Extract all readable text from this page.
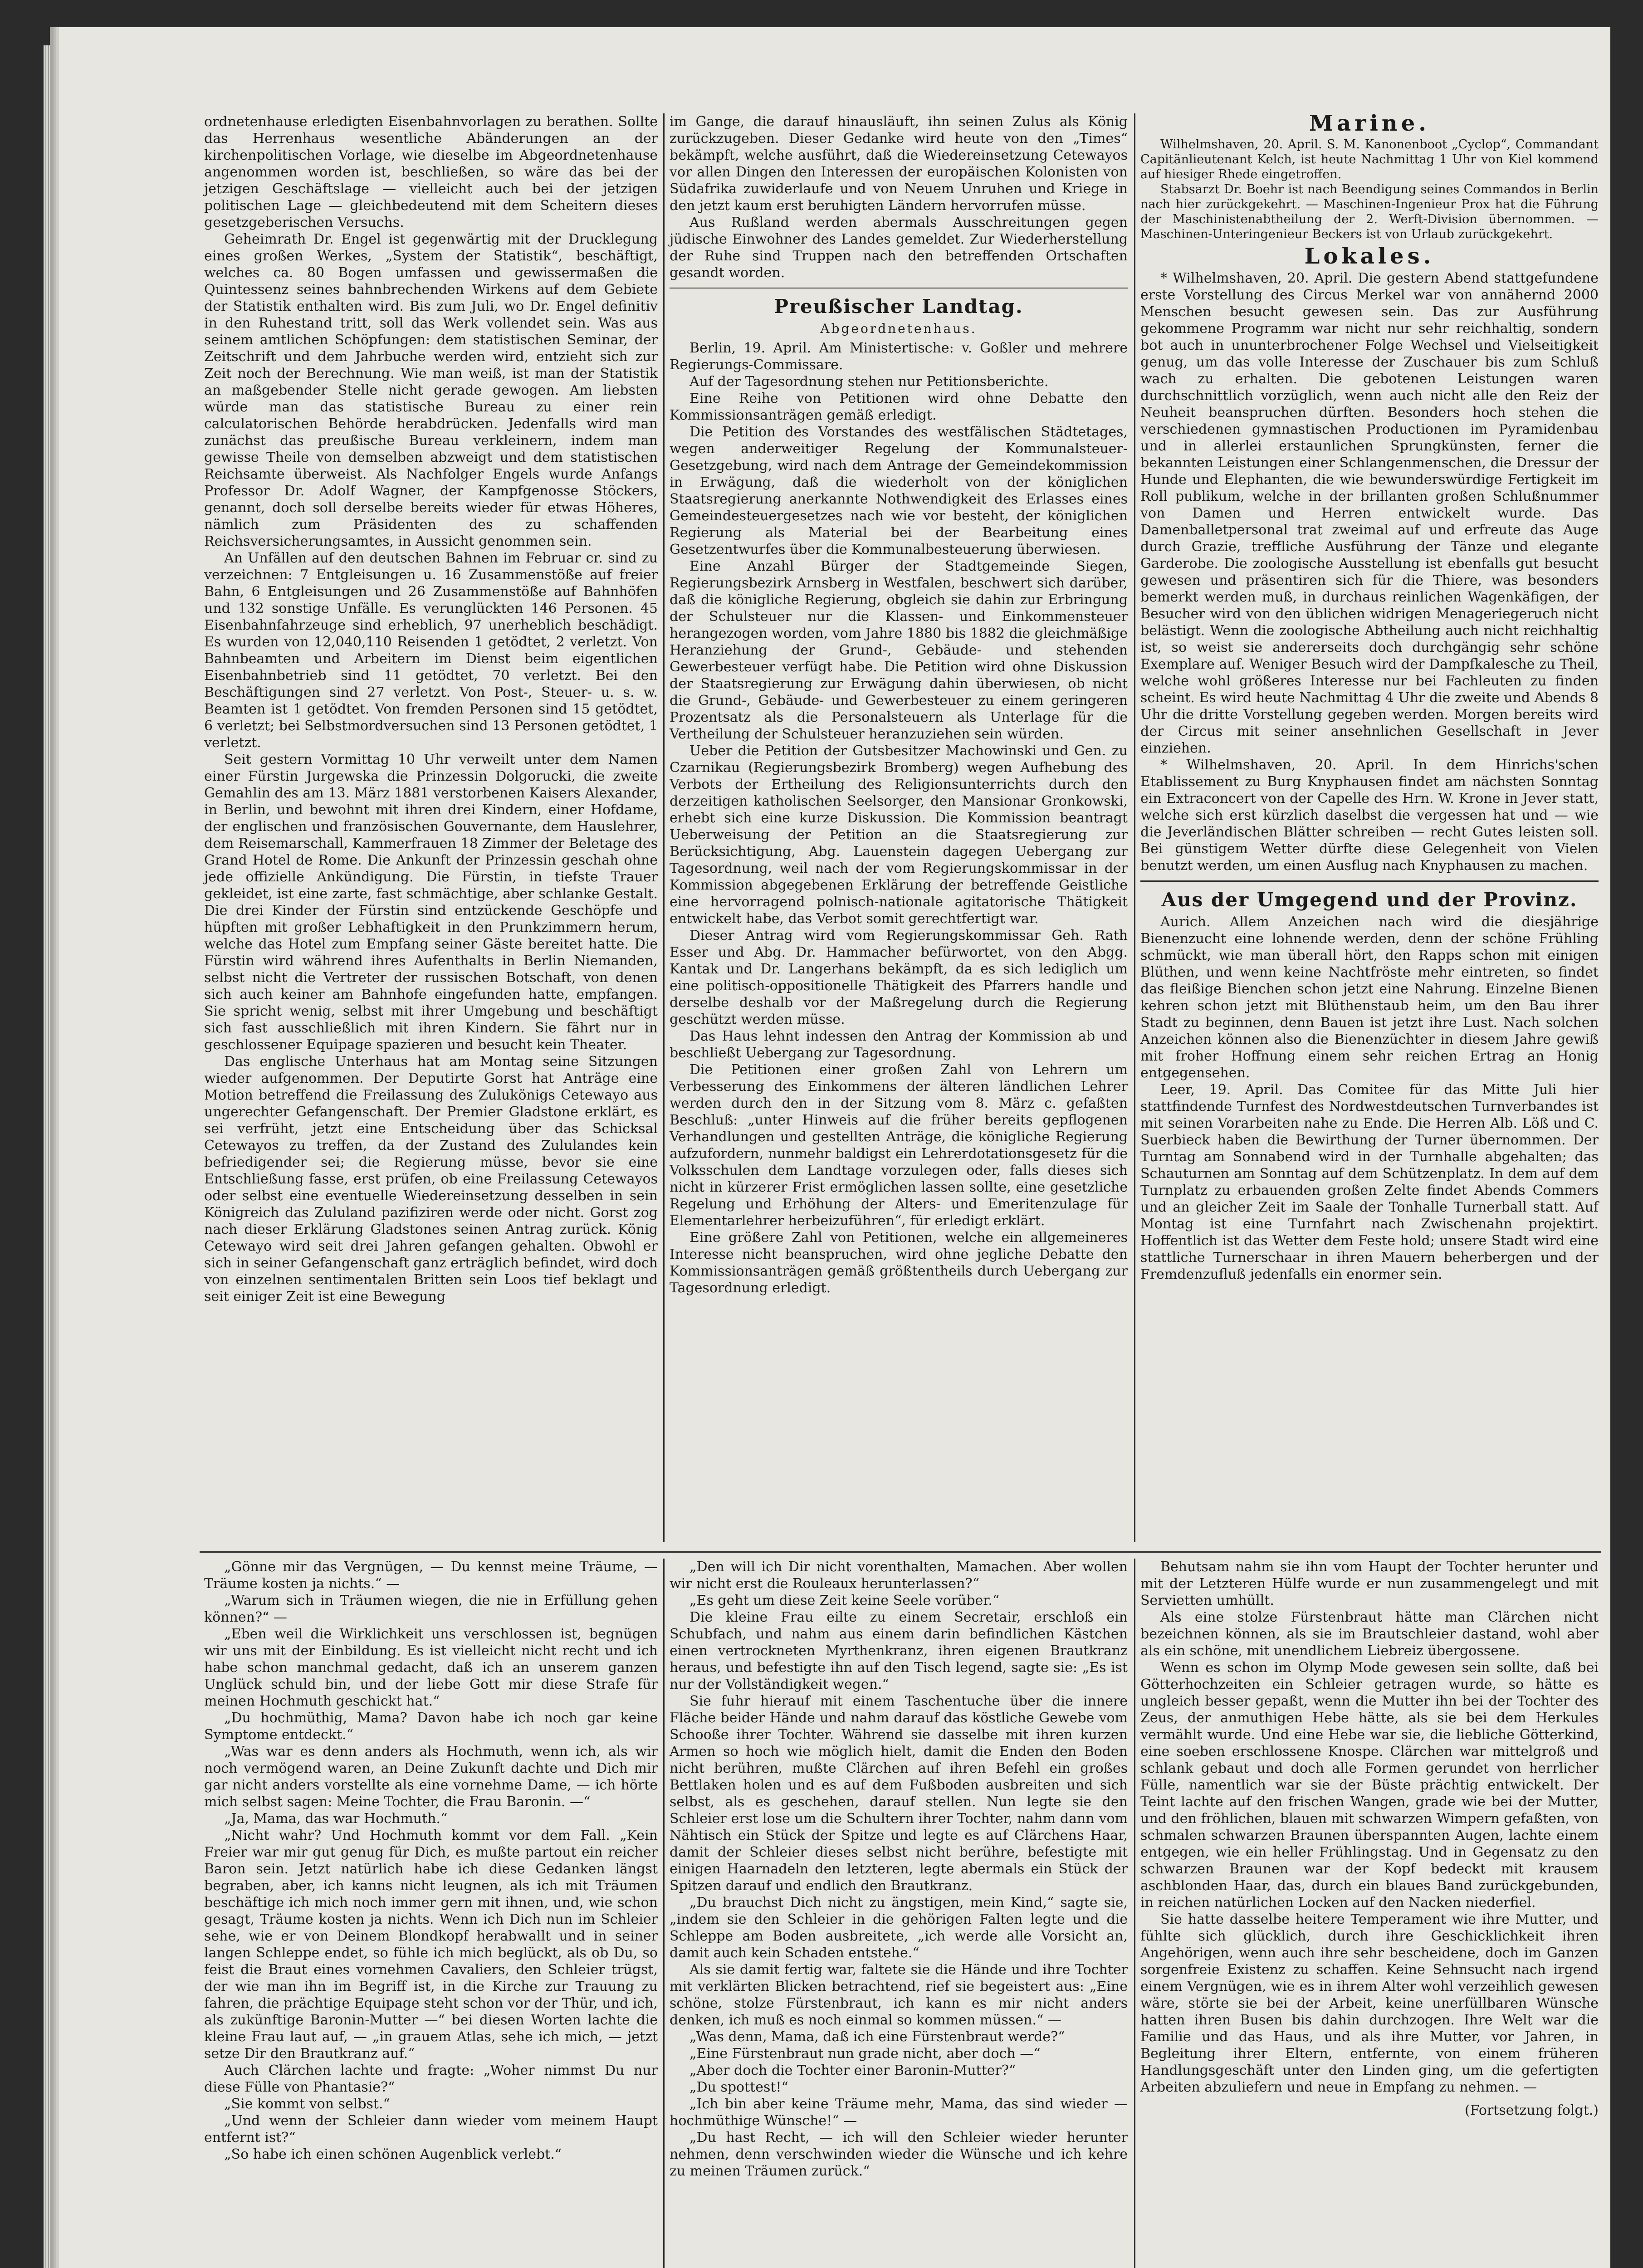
ordnetenhause erledigten Eisenbahnvorlagen zu berathen. Sollte das Herrenhaus wesentliche Abänderungen an der kirchenpolitischen Vorlage, wie dieselbe im Abgeordnetenhause angenommen worden ist, beschließen, so wäre das bei der jetzigen Geschäftslage — vielleicht auch bei der jetzigen politischen Lage — gleichbedeutend mit dem Scheitern dieses gesetzgeberischen Versuchs.

Geheimrath Dr. Engel ist gegenwärtig mit der Drucklegung eines großen Werkes, „System der Statistik“, beschäftigt, welches ca. 80 Bogen umfassen und gewissermaßen die Quintessenz seines bahnbrechenden Wirkens auf dem Gebiete der Statistik enthalten wird. Bis zum Juli, wo Dr. Engel definitiv in den Ruhestand tritt, soll das Werk vollendet sein. Was aus seinem amtlichen Schöpfungen: dem statistischen Seminar, der Zeitschrift und dem Jahrbuche werden wird, entzieht sich zur Zeit noch der Berechnung. Wie man weiß, ist man der Statistik an maßgebender Stelle nicht gerade gewogen. Am liebsten würde man das statistische Bureau zu einer rein calculatorischen Behörde herabdrücken. Jedenfalls wird man zunächst das preußische Bureau verkleinern, indem man gewisse Theile von demselben abzweigt und dem statistischen Reichsamte überweist. Als Nachfolger Engels wurde Anfangs Professor Dr. Adolf Wagner, der Kampfgenosse Stöckers, genannt, doch soll derselbe bereits wieder für etwas Höheres, nämlich zum Präsidenten des zu schaffenden Reichsversicherungsamtes, in Aussicht genommen sein.

An Unfällen auf den deutschen Bahnen im Februar cr. sind zu verzeichnen: 7 Entgleisungen u. 16 Zusammenstöße auf freier Bahn, 6 Entgleisungen und 26 Zusammenstöße auf Bahnhöfen und 132 sonstige Unfälle. Es verunglückten 146 Personen. 45 Eisenbahnfahrzeuge sind erheblich, 97 unerheblich beschädigt. Es wurden von 12,040,110 Reisenden 1 getödtet, 2 verletzt. Von Bahnbeamten und Arbeitern im Dienst beim eigentlichen Eisenbahnbetrieb sind 11 getödtet, 70 verletzt. Bei den Beschäftigungen sind 27 verletzt. Von Post-, Steuer- u. s. w. Beamten ist 1 getödtet. Von fremden Personen sind 15 getödtet, 6 verletzt; bei Selbstmordversuchen sind 13 Personen getödtet, 1 verletzt.

Seit gestern Vormittag 10 Uhr verweilt unter dem Namen einer Fürstin Jurgewska die Prinzessin Dolgorucki, die zweite Gemahlin des am 13. März 1881 verstorbenen Kaisers Alexander, in Berlin, und bewohnt mit ihren drei Kindern, einer Hofdame, der englischen und französischen Gouvernante, dem Hauslehrer, dem Reisemarschall, Kammerfrauen 18 Zimmer der Beletage des Grand Hotel de Rome. Die Ankunft der Prinzessin geschah ohne jede offizielle Ankündigung. Die Fürstin, in tiefste Trauer gekleidet, ist eine zarte, fast schmächtige, aber schlanke Gestalt. Die drei Kinder der Fürstin sind entzückende Geschöpfe und hüpften mit großer Lebhaftigkeit in den Prunkzimmern herum, welche das Hotel zum Empfang seiner Gäste bereitet hatte. Die Fürstin wird während ihres Aufenthalts in Berlin Niemanden, selbst nicht die Vertreter der russischen Botschaft, von denen sich auch keiner am Bahnhofe eingefunden hatte, empfangen. Sie spricht wenig, selbst mit ihrer Umgebung und beschäftigt sich fast ausschließlich mit ihren Kindern. Sie fährt nur in geschlossener Equipage spazieren und besucht kein Theater.

Das englische Unterhaus hat am Montag seine Sitzungen wieder aufgenommen. Der Deputirte Gorst hat Anträge eine Motion betreffend die Freilassung des Zulukönigs Cetewayo aus ungerechter Gefangenschaft. Der Premier Gladstone erklärt, es sei verfrüht, jetzt eine Entscheidung über das Schicksal Cetewayos zu treffen, da der Zustand des Zululandes kein befriedigender sei; die Regierung müsse, bevor sie eine Entschließung fasse, erst prüfen, ob eine Freilassung Cetewayos oder selbst eine eventuelle Wiedereinsetzung desselben in sein Königreich das Zululand pazifiziren werde oder nicht. Gorst zog nach dieser Erklärung Gladstones seinen Antrag zurück. König Cetewayo wird seit drei Jahren gefangen gehalten. Obwohl er sich in seiner Gefangenschaft ganz erträglich befindet, wird doch von einzelnen sentimentalen Britten sein Loos tief beklagt und seit einiger Zeit ist eine Bewegung

im Gange, die darauf hinausläuft, ihn seinen Zulus als König zurückzugeben. Dieser Gedanke wird heute von den „Times“ bekämpft, welche ausführt, daß die Wiedereinsetzung Cetewayos vor allen Dingen den Interessen der europäischen Kolonisten von Südafrika zuwiderlaufe und von Neuem Unruhen und Kriege in den jetzt kaum erst beruhigten Ländern hervorrufen müsse.

Aus Rußland werden abermals Ausschreitungen gegen jüdische Einwohner des Landes gemeldet. Zur Wiederherstellung der Ruhe sind Truppen nach den betreffenden Ortschaften gesandt worden.

Preußischer Landtag.
Abgeordnetenhaus.

Berlin, 19. April. Am Ministertische: v. Goßler und mehrere Regierungs-Commissare.

Auf der Tagesordnung stehen nur Petitionsberichte.

Eine Reihe von Petitionen wird ohne Debatte den Kommissionsanträgen gemäß erledigt.

Die Petition des Vorstandes des westfälischen Städtetages, wegen anderweitiger Regelung der Kommunalsteuer-Gesetzgebung, wird nach dem Antrage der Gemeindekommission in Erwägung, daß die wiederholt von der königlichen Staatsregierung anerkannte Nothwendigkeit des Erlasses eines Gemeindesteuergesetzes nach wie vor besteht, der königlichen Regierung als Material bei der Bearbeitung eines Gesetzentwurfes über die Kommunalbesteuerung überwiesen.

Eine Anzahl Bürger der Stadtgemeinde Siegen, Regierungsbezirk Arnsberg in Westfalen, beschwert sich darüber, daß die königliche Regierung, obgleich sie dahin zur Erbringung der Schulsteuer nur die Klassen- und Einkommensteuer herangezogen worden, vom Jahre 1880 bis 1882 die gleichmäßige Heranziehung der Grund-, Gebäude- und stehenden Gewerbesteuer verfügt habe. Die Petition wird ohne Diskussion der Staatsregierung zur Erwägung dahin überwiesen, ob nicht die Grund-, Gebäude- und Gewerbesteuer zu einem geringeren Prozentsatz als die Personalsteuern als Unterlage für die Vertheilung der Schulsteuer heranzuziehen sein würden.

Ueber die Petition der Gutsbesitzer Machowinski und Gen. zu Czarnikau (Regierungsbezirk Bromberg) wegen Aufhebung des Verbots der Ertheilung des Religionsunterrichts durch den derzeitigen katholischen Seelsorger, den Mansionar Gronkowski, erhebt sich eine kurze Diskussion. Die Kommission beantragt Ueberweisung der Petition an die Staatsregierung zur Berücksichtigung, Abg. Lauenstein dagegen Uebergang zur Tagesordnung, weil nach der vom Regierungskommissar in der Kommission abgegebenen Erklärung der betreffende Geistliche eine hervorragend polnisch-nationale agitatorische Thätigkeit entwickelt habe, das Verbot somit gerechtfertigt war.

Dieser Antrag wird vom Regierungskommissar Geh. Rath Esser und Abg. Dr. Hammacher befürwortet, von den Abgg. Kantak und Dr. Langerhans bekämpft, da es sich lediglich um eine politisch-oppositionelle Thätigkeit des Pfarrers handle und derselbe deshalb vor der Maßregelung durch die Regierung geschützt werden müsse.

Das Haus lehnt indessen den Antrag der Kommission ab und beschließt Uebergang zur Tagesordnung.

Die Petitionen einer großen Zahl von Lehrern um Verbesserung des Einkommens der älteren ländlichen Lehrer werden durch den in der Sitzung vom 8. März c. gefaßten Beschluß: „unter Hinweis auf die früher bereits gepflogenen Verhandlungen und gestellten Anträge, die königliche Regierung aufzufordern, nunmehr baldigst ein Lehrerdotationsgesetz für die Volksschulen dem Landtage vorzulegen oder, falls dieses sich nicht in kürzerer Frist ermöglichen lassen sollte, eine gesetzliche Regelung und Erhöhung der Alters- und Emeritenzulage für Elementarlehrer herbeizuführen“, für erledigt erklärt.

Eine größere Zahl von Petitionen, welche ein allgemeineres Interesse nicht beanspruchen, wird ohne jegliche Debatte den Kommissionsanträgen gemäß größtentheils durch Uebergang zur Tagesordnung erledigt.

Marine.

Wilhelmshaven, 20. April. S. M. Kanonenboot „Cyclop“, Commandant Capitänlieutenant Kelch, ist heute Nachmittag 1 Uhr von Kiel kommend auf hiesiger Rhede eingetroffen.

Stabsarzt Dr. Boehr ist nach Beendigung seines Commandos in Berlin nach hier zurückgekehrt. — Maschinen-Ingenieur Prox hat die Führung der Maschinistenabtheilung der 2. Werft-Division übernommen. — Maschinen-Unteringenieur Beckers ist von Urlaub zurückgekehrt.

Lokales.

* Wilhelmshaven, 20. April. Die gestern Abend stattgefundene erste Vorstellung des Circus Merkel war von annähernd 2000 Menschen besucht gewesen sein. Das zur Ausführung gekommene Programm war nicht nur sehr reichhaltig, sondern bot auch in ununterbrochener Folge Wechsel und Vielseitigkeit genug, um das volle Interesse der Zuschauer bis zum Schluß wach zu erhalten. Die gebotenen Leistungen waren durchschnittlich vorzüglich, wenn auch nicht alle den Reiz der Neuheit beanspruchen dürften. Besonders hoch stehen die verschiedenen gymnastischen Productionen im Pyramidenbau und in allerlei erstaunlichen Sprungkünsten, ferner die bekannten Leistungen einer Schlangenmenschen, die Dressur der Hunde und Elephanten, die wie bewunderswürdige Fertigkeit im Roll publikum, welche in der brillanten großen Schlußnummer von Damen und Herren entwickelt wurde. Das Damenballetpersonal trat zweimal auf und erfreute das Auge durch Grazie, treffliche Ausführung der Tänze und elegante Garderobe. Die zoologische Ausstellung ist ebenfalls gut besucht gewesen und präsentiren sich für die Thiere, was besonders bemerkt werden muß, in durchaus reinlichen Wagenkäfigen, der Besucher wird von den üblichen widrigen Menageriegeruch nicht belästigt. Wenn die zoologische Abtheilung auch nicht reichhaltig ist, so weist sie andererseits doch durchgängig sehr schöne Exemplare auf. Weniger Besuch wird der Dampfkalesche zu Theil, welche wohl größeres Interesse nur bei Fachleuten zu finden scheint. Es wird heute Nachmittag 4 Uhr die zweite und Abends 8 Uhr die dritte Vorstellung gegeben werden. Morgen bereits wird der Circus mit seiner ansehnlichen Gesellschaft in Jever einziehen.

* Wilhelmshaven, 20. April. In dem Hinrichs'schen Etablissement zu Burg Knyphausen findet am nächsten Sonntag ein Extraconcert von der Capelle des Hrn. W. Krone in Jever statt, welche sich erst kürzlich daselbst die vergessen hat und — wie die Jeverländischen Blätter schreiben — recht Gutes leisten soll. Bei günstigem Wetter dürfte diese Gelegenheit von Vielen benutzt werden, um einen Ausflug nach Knyphausen zu machen.

Aus der Umgegend und der Provinz.

Aurich. Allem Anzeichen nach wird die diesjährige Bienenzucht eine lohnende werden, denn der schöne Frühling schmückt, wie man überall hört, den Rapps schon mit einigen Blüthen, und wenn keine Nachtfröste mehr eintreten, so findet das fleißige Bienchen schon jetzt eine Nahrung. Einzelne Bienen kehren schon jetzt mit Blüthenstaub heim, um den Bau ihrer Stadt zu beginnen, denn Bauen ist jetzt ihre Lust. Nach solchen Anzeichen können also die Bienenzüchter in diesem Jahre gewiß mit froher Hoffnung einem sehr reichen Ertrag an Honig entgegensehen.

Leer, 19. April. Das Comitee für das Mitte Juli hier stattfindende Turnfest des Nordwestdeutschen Turnverbandes ist mit seinen Vorarbeiten nahe zu Ende. Die Herren Alb. Löß und C. Suerbieck haben die Bewirthung der Turner übernommen. Der Turntag am Sonnabend wird in der Turnhalle abgehalten; das Schauturnen am Sonntag auf dem Schützenplatz. In dem auf dem Turnplatz zu erbauenden großen Zelte findet Abends Commers und an gleicher Zeit im Saale der Tonhalle Turnerball statt. Auf Montag ist eine Turnfahrt nach Zwischenahn projektirt. Hoffentlich ist das Wetter dem Feste hold; unsere Stadt wird eine stattliche Turnerschaar in ihren Mauern beherbergen und der Fremdenzufluß jedenfalls ein enormer sein.

„Gönne mir das Vergnügen, — Du kennst meine Träume, — Träume kosten ja nichts.“ —

„Warum sich in Träumen wiegen, die nie in Erfüllung gehen können?“ —

„Eben weil die Wirklichkeit uns verschlossen ist, begnügen wir uns mit der Einbildung. Es ist vielleicht nicht recht und ich habe schon manchmal gedacht, daß ich an unserem ganzen Unglück schuld bin, und der liebe Gott mir diese Strafe für meinen Hochmuth geschickt hat.“

„Du hochmüthig, Mama? Davon habe ich noch gar keine Symptome entdeckt.“

„Was war es denn anders als Hochmuth, wenn ich, als wir noch vermögend waren, an Deine Zukunft dachte und Dich mir gar nicht anders vorstellte als eine vornehme Dame, — ich hörte mich selbst sagen: Meine Tochter, die Frau Baronin. —“

„Ja, Mama, das war Hochmuth.“

„Nicht wahr? Und Hochmuth kommt vor dem Fall. „Kein Freier war mir gut genug für Dich, es mußte partout ein reicher Baron sein. Jetzt natürlich habe ich diese Gedanken längst begraben, aber, ich kanns nicht leugnen, als ich mit Träumen beschäftige ich mich noch immer gern mit ihnen, und, wie schon gesagt, Träume kosten ja nichts. Wenn ich Dich nun im Schleier sehe, wie er von Deinem Blondkopf herabwallt und in seiner langen Schleppe endet, so fühle ich mich beglückt, als ob Du, so feist die Braut eines vornehmen Cavaliers, den Schleier trügst, der wie man ihn im Begriff ist, in die Kirche zur Trauung zu fahren, die prächtige Equipage steht schon vor der Thür, und ich, als zukünftige Baronin-Mutter —“ bei diesen Worten lachte die kleine Frau laut auf, — „in grauem Atlas, sehe ich mich, — jetzt setze Dir den Brautkranz auf.“

Auch Clärchen lachte und fragte: „Woher nimmst Du nur diese Fülle von Phantasie?“

„Sie kommt von selbst.“

„Und wenn der Schleier dann wieder vom meinem Haupt entfernt ist?“

„So habe ich einen schönen Augenblick verlebt.“

„Den will ich Dir nicht vorenthalten, Mamachen. Aber wollen wir nicht erst die Rouleaux herunterlassen?“

„Es geht um diese Zeit keine Seele vorüber.“

Die kleine Frau eilte zu einem Secretair, erschloß ein Schubfach, und nahm aus einem darin befindlichen Kästchen einen vertrockneten Myrthenkranz, ihren eigenen Brautkranz heraus, und befestigte ihn auf den Tisch legend, sagte sie: „Es ist nur der Vollständigkeit wegen.“

Sie fuhr hierauf mit einem Taschentuche über die innere Fläche beider Hände und nahm darauf das köstliche Gewebe vom Schooße ihrer Tochter. Während sie dasselbe mit ihren kurzen Armen so hoch wie möglich hielt, damit die Enden den Boden nicht berühren, mußte Clärchen auf ihren Befehl ein großes Bettlaken holen und es auf dem Fußboden ausbreiten und sich selbst, als es geschehen, darauf stellen. Nun legte sie den Schleier erst lose um die Schultern ihrer Tochter, nahm dann vom Nähtisch ein Stück der Spitze und legte es auf Clärchens Haar, damit der Schleier dieses selbst nicht berühre, befestigte mit einigen Haarnadeln den letzteren, legte abermals ein Stück der Spitzen darauf und endlich den Brautkranz.

„Du brauchst Dich nicht zu ängstigen, mein Kind,“ sagte sie, „indem sie den Schleier in die gehörigen Falten legte und die Schleppe am Boden ausbreitete, „ich werde alle Vorsicht an, damit auch kein Schaden entstehe.“

Als sie damit fertig war, faltete sie die Hände und ihre Tochter mit verklärten Blicken betrachtend, rief sie begeistert aus: „Eine schöne, stolze Fürstenbraut, ich kann es mir nicht anders denken, ich muß es noch einmal so kommen müssen.“ —

„Was denn, Mama, daß ich eine Fürstenbraut werde?“

„Eine Fürstenbraut nun grade nicht, aber doch —“

„Aber doch die Tochter einer Baronin-Mutter?“

„Du spottest!“

„Ich bin aber keine Träume mehr, Mama, das sind wieder — hochmüthige Wünsche!“ —

„Du hast Recht, — ich will den Schleier wieder herunter nehmen, denn verschwinden wieder die Wünsche und ich kehre zu meinen Träumen zurück.“

Behutsam nahm sie ihn vom Haupt der Tochter herunter und mit der Letzteren Hülfe wurde er nun zusammengelegt und mit Servietten umhüllt.

Als eine stolze Fürstenbraut hätte man Clärchen nicht bezeichnen können, als sie im Brautschleier dastand, wohl aber als ein schöne, mit unendlichem Liebreiz übergossene.

Wenn es schon im Olymp Mode gewesen sein sollte, daß bei Götterhochzeiten ein Schleier getragen wurde, so hätte es ungleich besser gepaßt, wenn die Mutter ihn bei der Tochter des Zeus, der anmuthigen Hebe hätte, als sie bei dem Herkules vermählt wurde. Und eine Hebe war sie, die liebliche Götterkind, eine soeben erschlossene Knospe. Clärchen war mittelgroß und schlank gebaut und doch alle Formen gerundet von herrlicher Fülle, namentlich war sie der Büste prächtig entwickelt. Der Teint lachte auf den frischen Wangen, grade wie bei der Mutter, und den fröhlichen, blauen mit schwarzen Wimpern gefaßten, von schmalen schwarzen Braunen überspannten Augen, lachte einem entgegen, wie ein heller Frühlingstag. Und in Gegensatz zu den schwarzen Braunen war der Kopf bedeckt mit krausem aschblonden Haar, das, durch ein blaues Band zurückgebunden, in reichen natürlichen Locken auf den Nacken niederfiel.

Sie hatte dasselbe heitere Temperament wie ihre Mutter, und fühlte sich glücklich, durch ihre Geschicklichkeit ihren Angehörigen, wenn auch ihre sehr bescheidene, doch im Ganzen sorgenfreie Existenz zu schaffen. Keine Sehnsucht nach irgend einem Vergnügen, wie es in ihrem Alter wohl verzeihlich gewesen wäre, störte sie bei der Arbeit, keine unerfüllbaren Wünsche hatten ihren Busen bis dahin durchzogen. Ihre Welt war die Familie und das Haus, und als ihre Mutter, vor Jahren, in Begleitung ihrer Eltern, entfernte, von einem früheren Handlungsgeschäft unter den Linden ging, um die gefertigten Arbeiten abzuliefern und neue in Empfang zu nehmen. —

(Fortsetzung folgt.)
